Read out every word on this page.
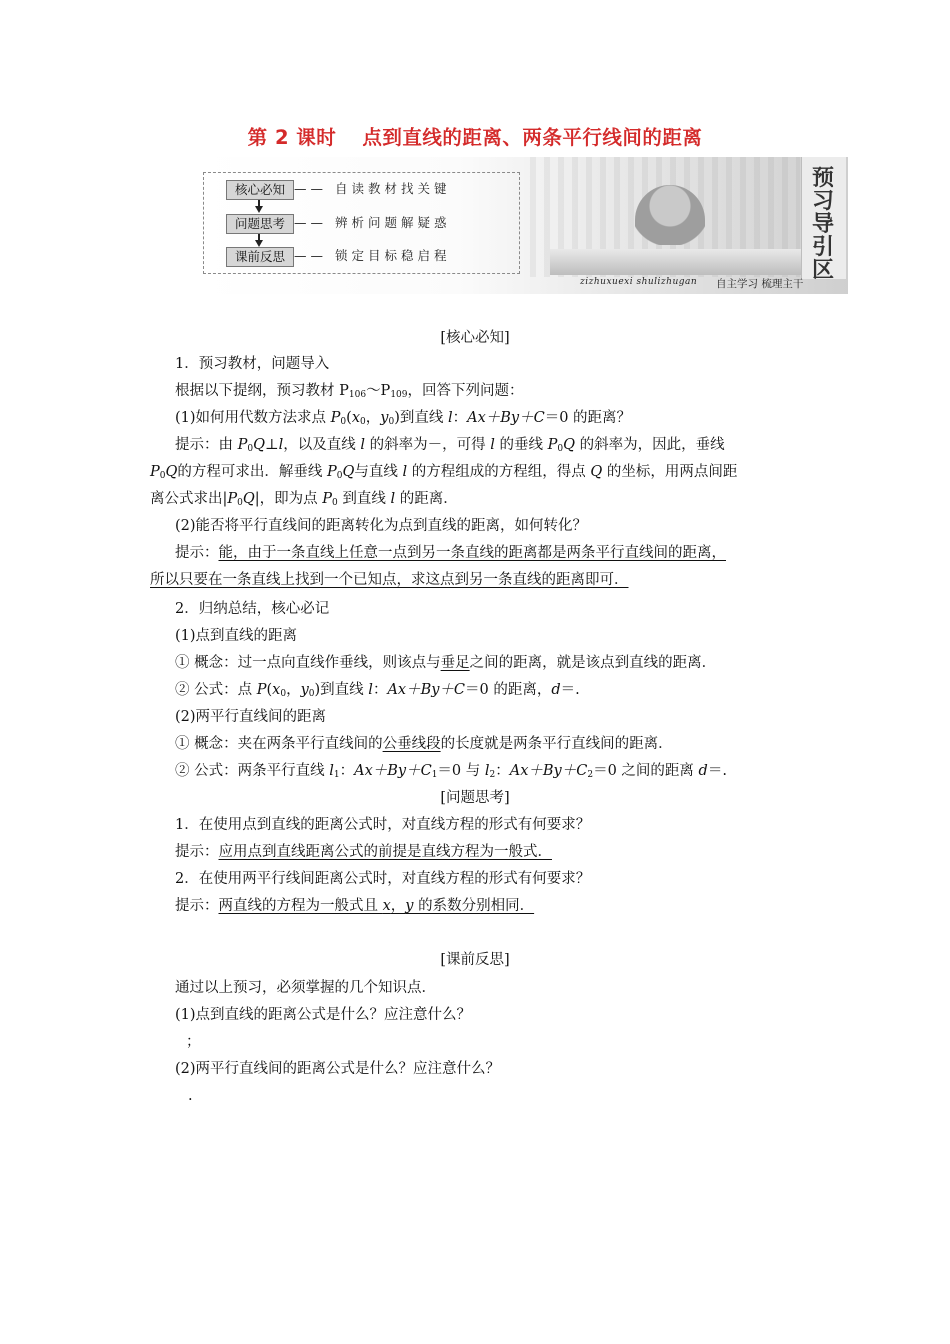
第 2 课时 点到直线的距离、两条平行线间的距离
核心必知 —— 自读教材找关键
问题思考 —— 辨析问题解疑惑
课前反思 —— 锁定目标稳启程
预
习
导
引
区
zizhuxuexi shulizhugan 自主学习 梳理主干
[核心必知]
1．预习教材，问题导入
根据以下提纲，预习教材 $P_{106}\sim P_{109}$，回答下列问题：
(1)如何用代数方法求点 $P_0(x_0$，$y_0$)到直线 l：Ax＋By＋C＝0 的距离？
提示：由 $P_0Q\perp l$，以及直线 l 的斜率为－，可得 l 的垂线 $P_0Q$ 的斜率为，因此，垂线
$P_0Q$的方程可求出．解垂线 $P_0Q$与直线 l 的方程组成的方程组，得点 Q 的坐标，用两点间距
离公式求出$|P_0Q|$，即为点 $P_0$ 到直线 l 的距离．
(2)能否将平行直线间的距离转化为点到直线的距离，如何转化？
提示：能，由于一条直线上任意一点到另一条直线的距离都是两条平行直线间的距离，
所以只要在一条直线上找到一个已知点，求这点到另一条直线的距离即可．
2．归纳总结，核心必记
(1)点到直线的距离
① 概念：过一点向直线作垂线，则该点与垂足之间的距离，就是该点到直线的距离．
② 公式：点 $P(x_0$，$y_0$)到直线 l：Ax＋By＋C＝0 的距离，d＝.
(2)两平行直线间的距离
① 概念：夹在两条平行直线间的公垂线段的长度就是两条平行直线间的距离．
② 公式：两条平行直线 $l_1$：$Ax+By+C_1=0$ 与 $l_2$：$Ax+By+C_2=0$ 之间的距离 d＝.
[问题思考]
1．在使用点到直线的距离公式时，对直线方程的形式有何要求？
提示：应用点到直线距离公式的前提是直线方程为一般式．
2．在使用两平行线间距离公式时，对直线方程的形式有何要求？
提示：两直线的方程为一般式且 x，y 的系数分别相同．
[课前反思]
通过以上预习，必须掌握的几个知识点．
(1)点到直线的距离公式是什么？应注意什么？
；
(2)两平行直线间的距离公式是什么？应注意什么？
.
